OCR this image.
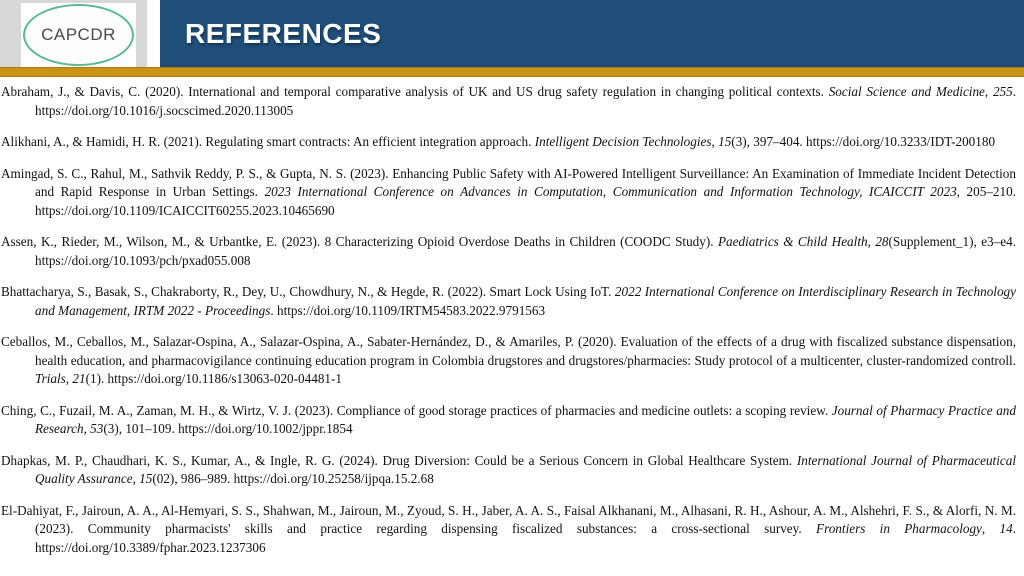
CAPCDR	REFERENCES

Abraham, J., & Davis, C. (2020). International and temporal comparative analysis of UK and US drug safety regulation in changing political contexts. Social Science and Medicine, 255. https://doi.org/10.1016/j.socscimed.2020.113005

Alikhani, A., & Hamidi, H. R. (2021). Regulating smart contracts: An efficient integration approach. Intelligent Decision Technologies, 15(3), 397–404. https://doi.org/10.3233/IDT-200180

Amingad, S. C., Rahul, M., Sathvik Reddy, P. S., & Gupta, N. S. (2023). Enhancing Public Safety with AI-Powered Intelligent Surveillance: An Examination of Immediate Incident Detection and Rapid Response in Urban Settings. 2023 International Conference on Advances in Computation, Communication and Information Technology, ICAICCIT 2023, 205–210. https://doi.org/10.1109/ICAICCIT60255.2023.10465690

Assen, K., Rieder, M., Wilson, M., & Urbantke, E. (2023). 8 Characterizing Opioid Overdose Deaths in Children (COODC Study). Paediatrics & Child Health, 28(Supplement_1), e3–e4. https://doi.org/10.1093/pch/pxad055.008

Bhattacharya, S., Basak, S., Chakraborty, R., Dey, U., Chowdhury, N., & Hegde, R. (2022). Smart Lock Using IoT. 2022 International Conference on Interdisciplinary Research in Technology and Management, IRTM 2022 - Proceedings. https://doi.org/10.1109/IRTM54583.2022.9791563

Ceballos, M., Ceballos, M., Salazar-Ospina, A., Salazar-Ospina, A., Sabater-Hernández, D., & Amariles, P. (2020). Evaluation of the effects of a drug with fiscalized substance dispensation, health education, and pharmacovigilance continuing education program in Colombia drugstores and drugstores/pharmacies: Study protocol of a multicenter, cluster-randomized controll. Trials, 21(1). https://doi.org/10.1186/s13063-020-04481-1

Ching, C., Fuzail, M. A., Zaman, M. H., & Wirtz, V. J. (2023). Compliance of good storage practices of pharmacies and medicine outlets: a scoping review. Journal of Pharmacy Practice and Research, 53(3), 101–109. https://doi.org/10.1002/jppr.1854

Dhapkas, M. P., Chaudhari, K. S., Kumar, A., & Ingle, R. G. (2024). Drug Diversion: Could be a Serious Concern in Global Healthcare System. International Journal of Pharmaceutical Quality Assurance, 15(02), 986–989. https://doi.org/10.25258/ijpqa.15.2.68

El-Dahiyat, F., Jairoun, A. A., Al-Hemyari, S. S., Shahwan, M., Jairoun, M., Zyoud, S. H., Jaber, A. A. S., Faisal Alkhanani, M., Alhasani, R. H., Ashour, A. M., Alshehri, F. S., & Alorfi, N. M. (2023). Community pharmacists' skills and practice regarding dispensing fiscalized substances: a cross-sectional survey. Frontiers in Pharmacology, 14. https://doi.org/10.3389/fphar.2023.1237306
